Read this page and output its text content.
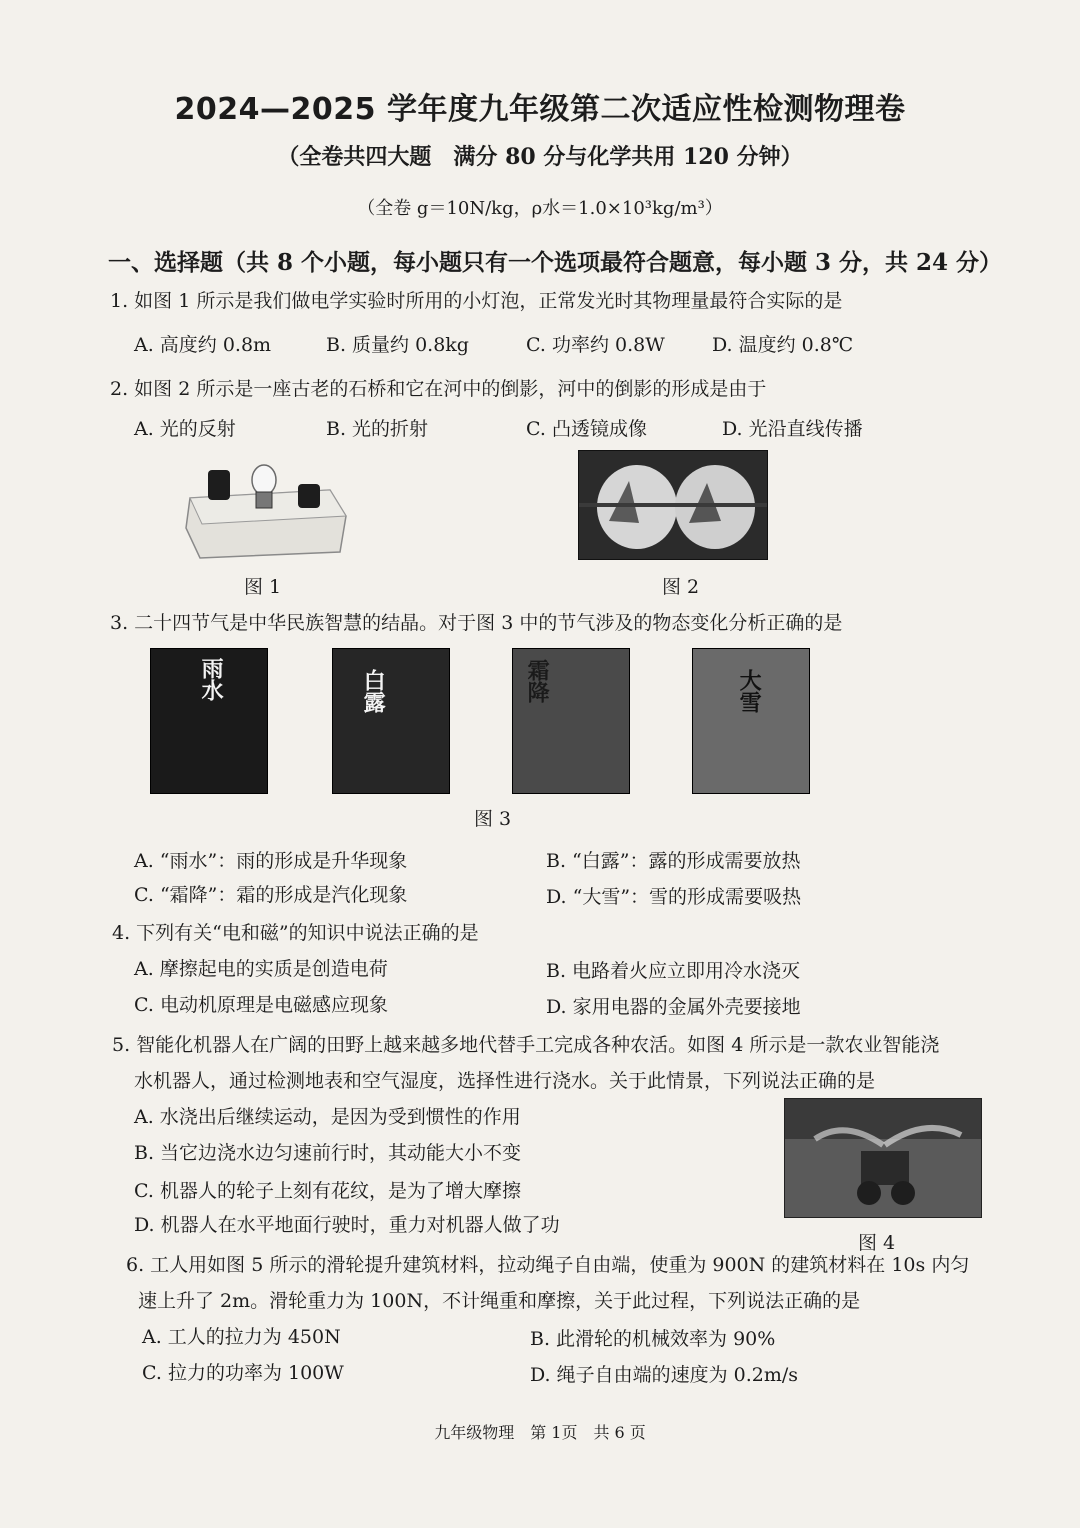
2024—2025 学年度九年级第二次适应性检测物理卷
（全卷共四大题　满分 80 分与化学共用 120 分钟）
（全卷 g＝10N/kg，ρ水＝1.0×10³kg/m³）
一、选择题（共 8 个小题，每小题只有一个选项最符合题意，每小题 3 分，共 24 分）
1. 如图 1 所示是我们做电学实验时所用的小灯泡，正常发光时其物理量最符合实际的是
A. 高度约 0.8m	B. 质量约 0.8kg	C. 功率约 0.8W D. 温度约 0.8℃
2. 如图 2 所示是一座古老的石桥和它在河中的倒影，河中的倒影的形成是由于
A. 光的反射	B. 光的折射	C. 凸透镜成像	D. 光沿直线传播
图 1	图 2
3. 二十四节气是中华民族智慧的结晶。对于图 3 中的节气涉及的物态变化分析正确的是
雨水	白露	霜降	大雪
图 3
A. “雨水”：雨的形成是升华现象	B. “白露”：露的形成需要放热
C. “霜降”：霜的形成是汽化现象	D. “大雪”：雪的形成需要吸热
4. 下列有关“电和磁”的知识中说法正确的是
A. 摩擦起电的实质是创造电荷	B. 电路着火应立即用冷水浇灭
C. 电动机原理是电磁感应现象	D. 家用电器的金属外壳要接地
5. 智能化机器人在广阔的田野上越来越多地代替手工完成各种农活。如图 4 所示是一款农业智能浇
水机器人，通过检测地表和空气湿度，选择性进行浇水。关于此情景，下列说法正确的是
A. 水浇出后继续运动，是因为受到惯性的作用
B. 当它边浇水边匀速前行时，其动能大小不变
C. 机器人的轮子上刻有花纹，是为了增大摩擦
D. 机器人在水平地面行驶时，重力对机器人做了功
图 4
6. 工人用如图 5 所示的滑轮提升建筑材料，拉动绳子自由端，使重为 900N 的建筑材料在 10s 内匀
速上升了 2m。滑轮重力为 100N，不计绳重和摩擦，关于此过程，下列说法正确的是
A. 工人的拉力为 450N	B. 此滑轮的机械效率为 90%
C. 拉力的功率为 100W	D. 绳子自由端的速度为 0.2m/s
九年级物理　第 1页　共 6 页
